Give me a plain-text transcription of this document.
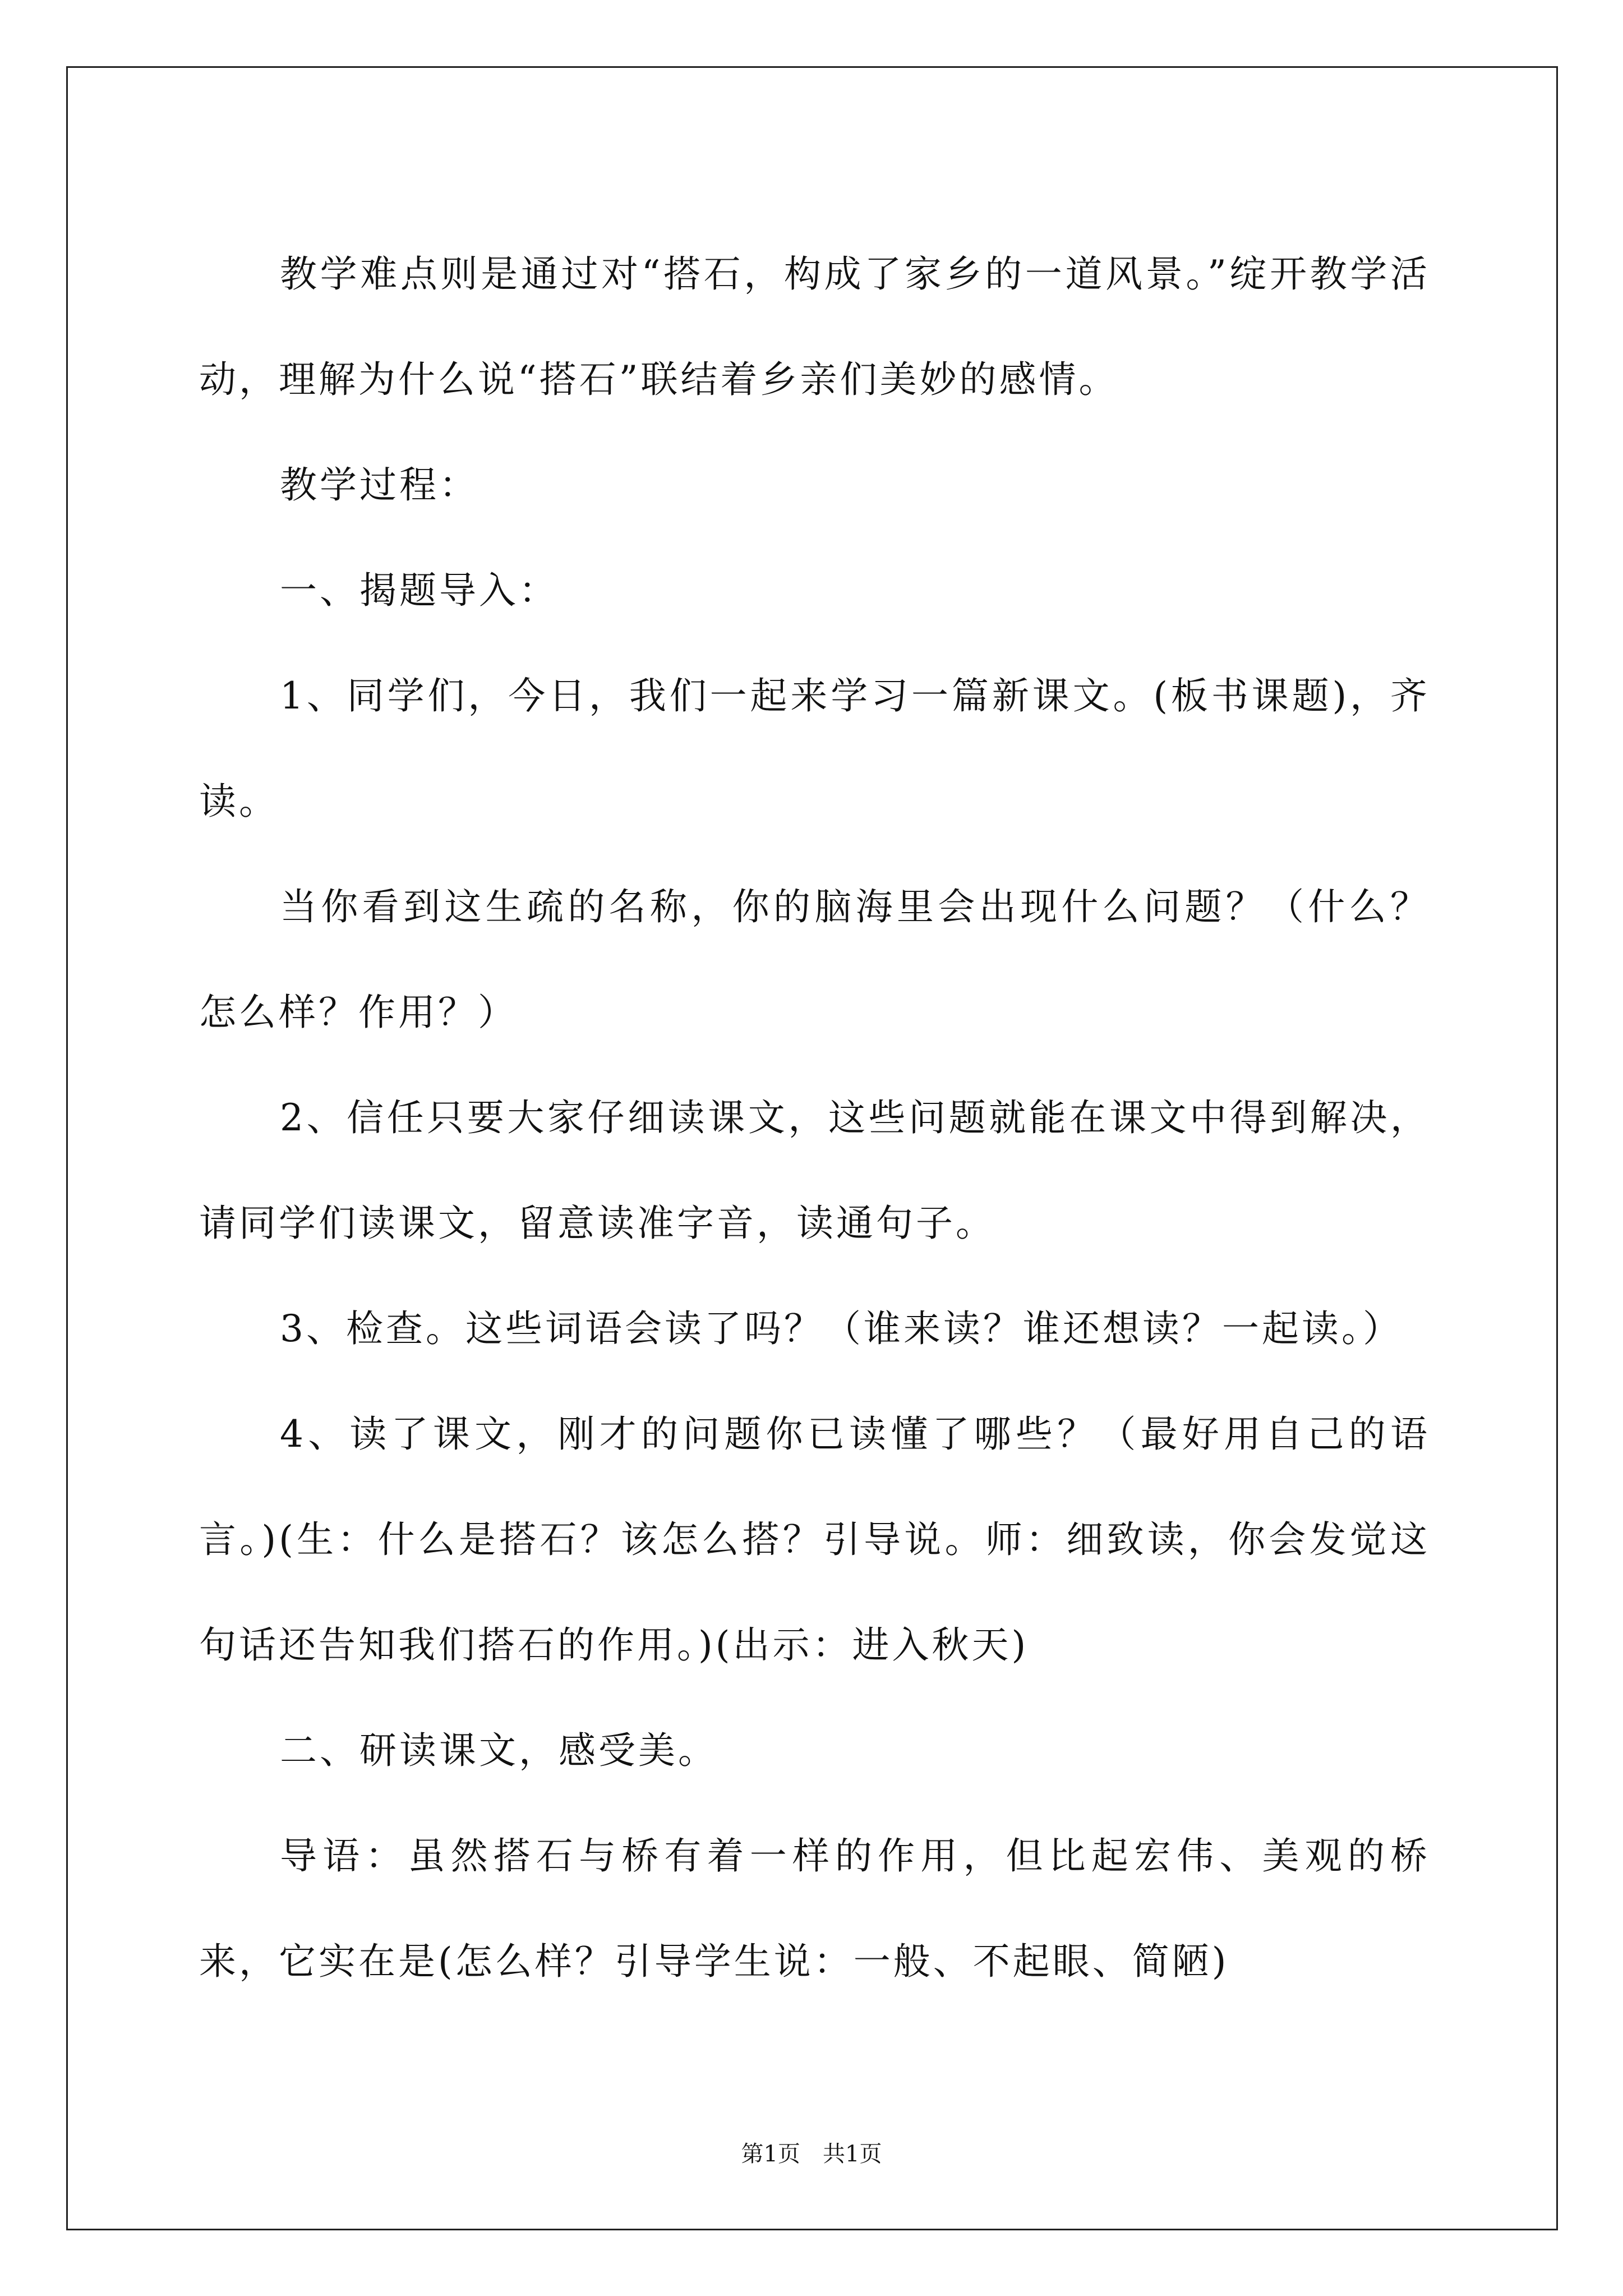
教学难点则是通过对“搭石，构成了家乡的一道风景。”绽开教学活动，理解为什么说“搭石”联结着乡亲们美妙的感情。

教学过程：

一、揭题导入：

1、同学们，今日，我们一起来学习一篇新课文。(板书课题)，齐读。

当你看到这生疏的名称，你的脑海里会出现什么问题？（什么？怎么样？作用？）

2、信任只要大家仔细读课文，这些问题就能在课文中得到解决，请同学们读课文，留意读准字音，读通句子。

3、检查。这些词语会读了吗？（谁来读？谁还想读？一起读。）

4、读了课文，刚才的问题你已读懂了哪些？（最好用自己的语言。)(生：什么是搭石？该怎么搭？引导说。师：细致读，你会发觉这句话还告知我们搭石的作用。)(出示：进入秋天)

二、研读课文，感受美。

导语：虽然搭石与桥有着一样的作用，但比起宏伟、美观的桥来，它实在是(怎么样？引导学生说：一般、不起眼、简陋)

第1页　共1页
